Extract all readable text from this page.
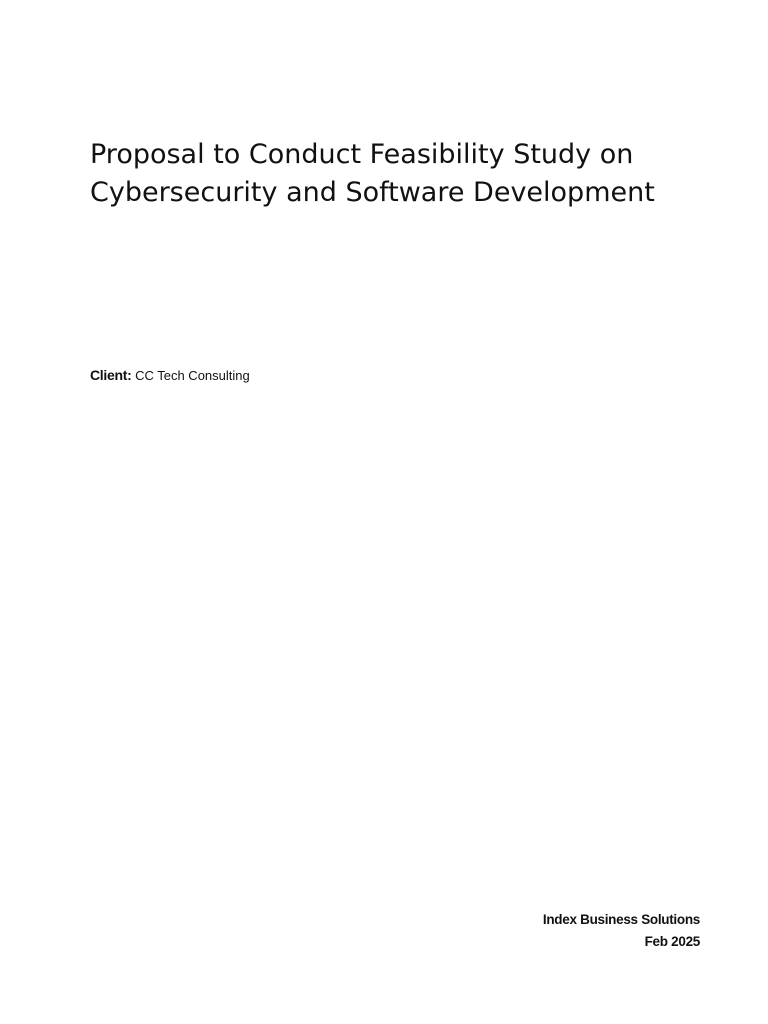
Proposal to Conduct Feasibility Study on
Cybersecurity and Software Development
Client: CC Tech Consulting
Index Business Solutions
Feb 2025
